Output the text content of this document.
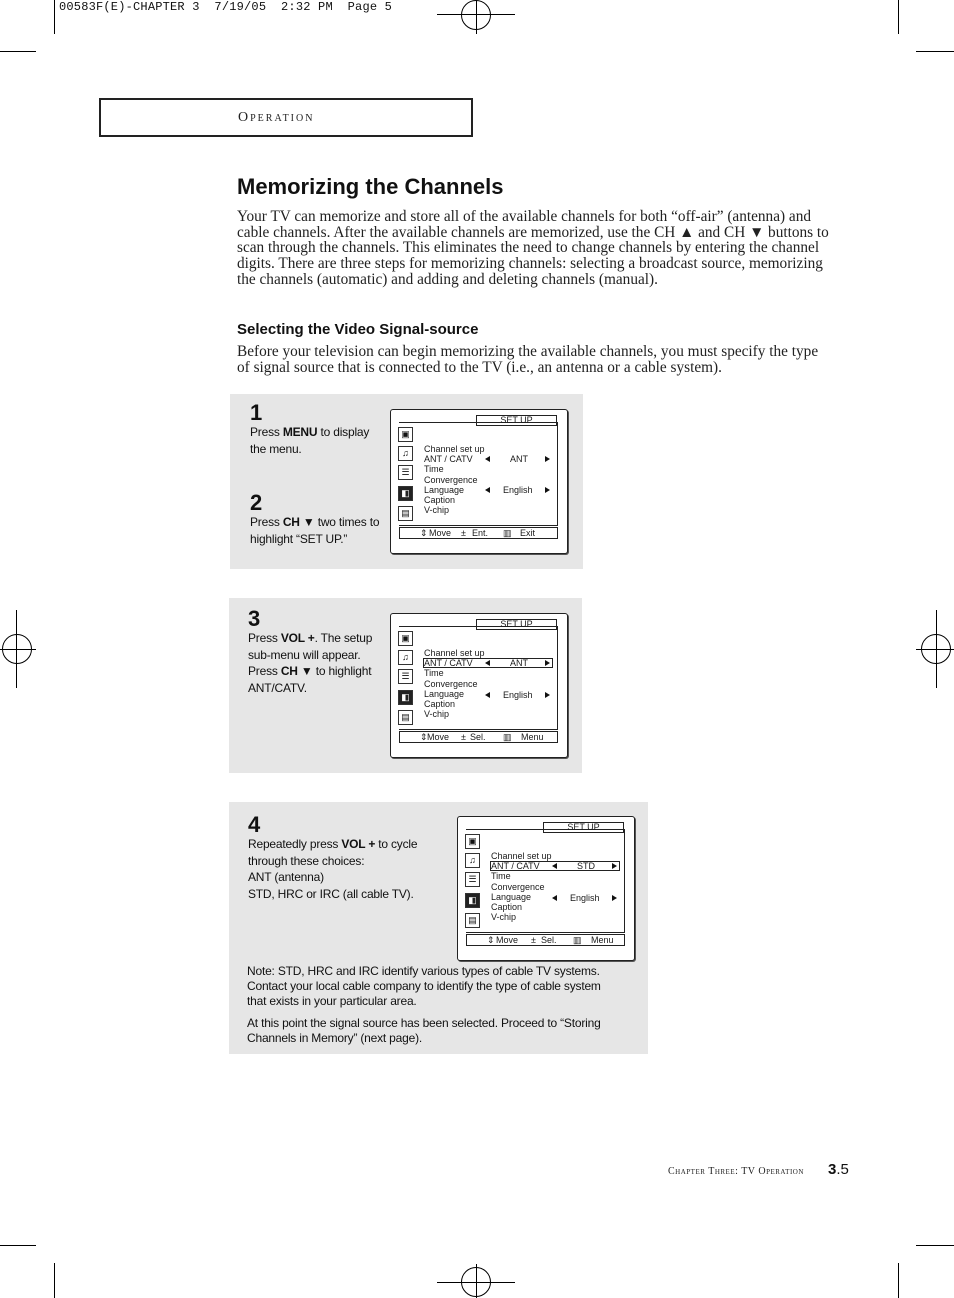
00583F(E)-CHAPTER 3  7/19/05  2:32 PM  Page 5
Operation
Memorizing the Channels
Your TV can memorize and store all of the available channels for both “off-air” (antenna) and cable channels. After the available channels are memorized, use the CH ▲ and CH ▼ buttons to scan through the channels. This eliminates the need to change channels by entering the channel digits. There are three steps for memorizing channels: selecting a broadcast source, memorizing the channels (automatic) and adding and deleting channels (manual).
Selecting the Video Signal-source
Before your television can begin memorizing the available channels, you must specify the type of signal source that is connected to the TV (i.e., an antenna or a cable system).
1
Press MENU to display the menu.
2
Press CH ▼ two times to highlight “SET UP.”
SET UP
▣
♫
☰
◧
▤
Channel set up
ANT / CATV
Time
Convergence
Language
Caption
V-chip
ANT
English
⇕ Move ± Ent. ▥ Exit
3
Press VOL +. The setup sub-menu will appear. Press CH ▼ to highlight ANT/CATV.
SET UP
▣
♫
☰
◧
▤
Channel set up
ANT / CATV
Time
Convergence
Language
Caption
V-chip
ANT
English
⇕ Move ± Sel. ▥ Menu
4
Repeatedly press VOL + to cycle through these choices:
ANT (antenna)
STD, HRC or IRC (all cable TV).
SET UP
▣
♫
☰
◧
▤
Channel set up
ANT / CATV
Time
Convergence
Language
Caption
V-chip
STD
English
⇕ Move ± Sel. ▥ Menu
Note: STD, HRC and IRC identify various types of cable TV systems. Contact your local cable company to identify the type of cable system that exists in your particular area.
At this point the signal source has been selected. Proceed to “Storing Channels in Memory” (next page).
Chapter Three: TV Operation 3.5
